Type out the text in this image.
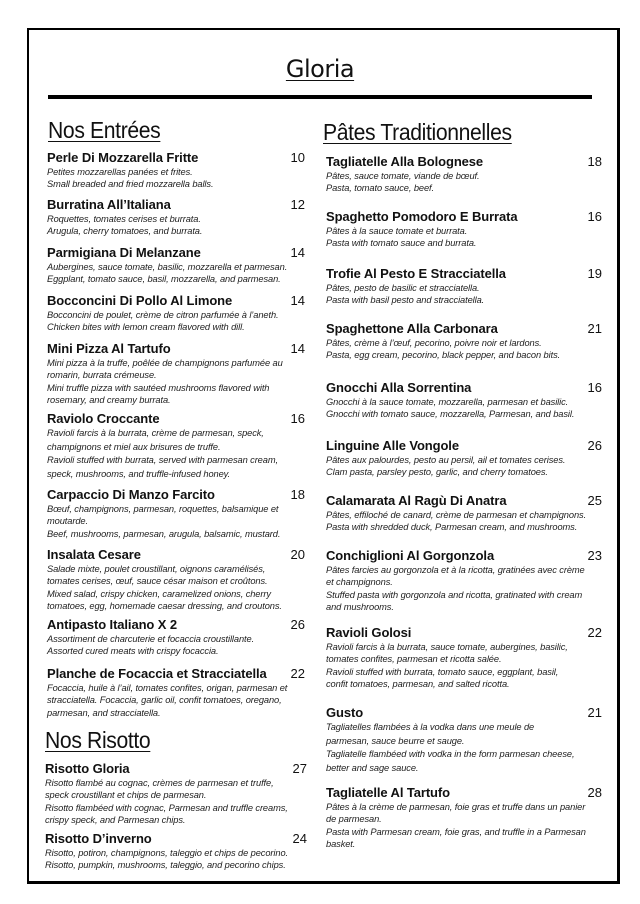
Gloria
Nos Entrées
Nos Risotto
Pâtes Traditionnelles
Perle Di Mozzarella Fritte	10
Petites mozzarellas panées et frites.
Small breaded and fried mozzarella balls.
Burratina All’Italiana	12
Roquettes, tomates cerises et burrata.
Arugula, cherry tomatoes, and burrata.
Parmigiana Di Melanzane	14
Aubergines, sauce tomate, basilic, mozzarella et parmesan.
Eggplant, tomato sauce, basil, mozzarella, and parmesan.
Bocconcini Di Pollo Al Limone	14
Bocconcini de poulet, crème de citron parfumée à l’aneth.
Chicken bites with lemon cream flavored with dill.
Mini Pizza Al Tartufo	14
Mini pizza à la truffe, poêlée de champignons parfumée au
romarin, burrata crémeuse.
Mini truffle pizza with sautéed mushrooms flavored with
rosemary, and creamy burrata.
Raviolo Croccante	16
Ravioli farcis à la burrata, crème de parmesan, speck,
champignons et miel aux brisures de truffe.
Ravioli stuffed with burrata, served with parmesan cream,
speck, mushrooms, and truffle-infused honey.
Carpaccio Di Manzo Farcito	18
Bœuf, champignons, parmesan, roquettes, balsamique et
moutarde.
Beef, mushrooms, parmesan, arugula, balsamic, mustard.
Insalata Cesare	20
Salade mixte, poulet croustillant, oignons caramélisés,
tomates cerises, œuf, sauce césar maison et croûtons.
Mixed salad, crispy chicken, caramelized onions, cherry
tomatoes, egg, homemade caesar dressing, and croutons.
Antipasto Italiano X 2	26
Assortiment de charcuterie et focaccia croustillante.
Assorted cured meats with crispy focaccia.
Planche de Focaccia et Stracciatella 22
Focaccia, huile à l’ail, tomates confites, origan, parmesan et
stracciatella. Focaccia, garlic oil, confit tomatoes, oregano,
parmesan, and stracciatella.
Risotto Gloria	27
Risotto flambé au cognac, crèmes de parmesan et truffe,
speck croustillant et chips de parmesan.
Risotto flambéed with cognac, Parmesan and truffle creams,
crispy speck, and Parmesan chips.
Risotto D’inverno	24
Risotto, potiron, champignons, taleggio et chips de pecorino.
Risotto, pumpkin, mushrooms, taleggio, and pecorino chips.
Tagliatelle Alla Bolognese	18
Pâtes, sauce tomate, viande de bœuf.
Pasta, tomato sauce, beef.
Spaghetto Pomodoro E Burrata	16
Pâtes à la sauce tomate et burrata.
Pasta with tomato sauce and burrata.
Trofie Al Pesto E Stracciatella	19
Pâtes, pesto de basilic et stracciatella.
Pasta with basil pesto and stracciatella.
Spaghettone Alla Carbonara	21
Pâtes, crème à l’œuf, pecorino, poivre noir et lardons.
Pasta, egg cream, pecorino, black pepper, and bacon bits.
Gnocchi Alla Sorrentina	16
Gnocchi à la sauce tomate, mozzarella, parmesan et basilic.
Gnocchi with tomato sauce, mozzarella, Parmesan, and basil.
Linguine Alle Vongole	26
Pâtes aux palourdes, pesto au persil, ail et tomates cerises.
Clam pasta, parsley pesto, garlic, and cherry tomatoes.
Calamarata Al Ragù Di Anatra	25
Pâtes, effiloché de canard, crème de parmesan et champignons.
Pasta with shredded duck, Parmesan cream, and mushrooms.
Conchiglioni Al Gorgonzola	23
Pâtes farcies au gorgonzola et à la ricotta, gratinées avec crème
et champignons.
Stuffed pasta with gorgonzola and ricotta, gratinated with cream
and mushrooms.
Ravioli Golosi	22
Ravioli farcis à la burrata, sauce tomate, aubergines, basilic,
tomates confites, parmesan et ricotta salée.
Ravioli stuffed with burrata, tomato sauce, eggplant, basil,
confit tomatoes, parmesan, and salted ricotta.
Gusto	21
Tagliatelles flambées à la vodka dans une meule de
parmesan, sauce beurre et sauge.
Tagliatelle flambéed with vodka in the form parmesan cheese,
better and sage sauce.
Tagliatelle Al Tartufo	28
Pâtes à la crème de parmesan, foie gras et truffe dans un panier
de parmesan.
Pasta with Parmesan cream, foie gras, and truffle in a Parmesan
basket.
